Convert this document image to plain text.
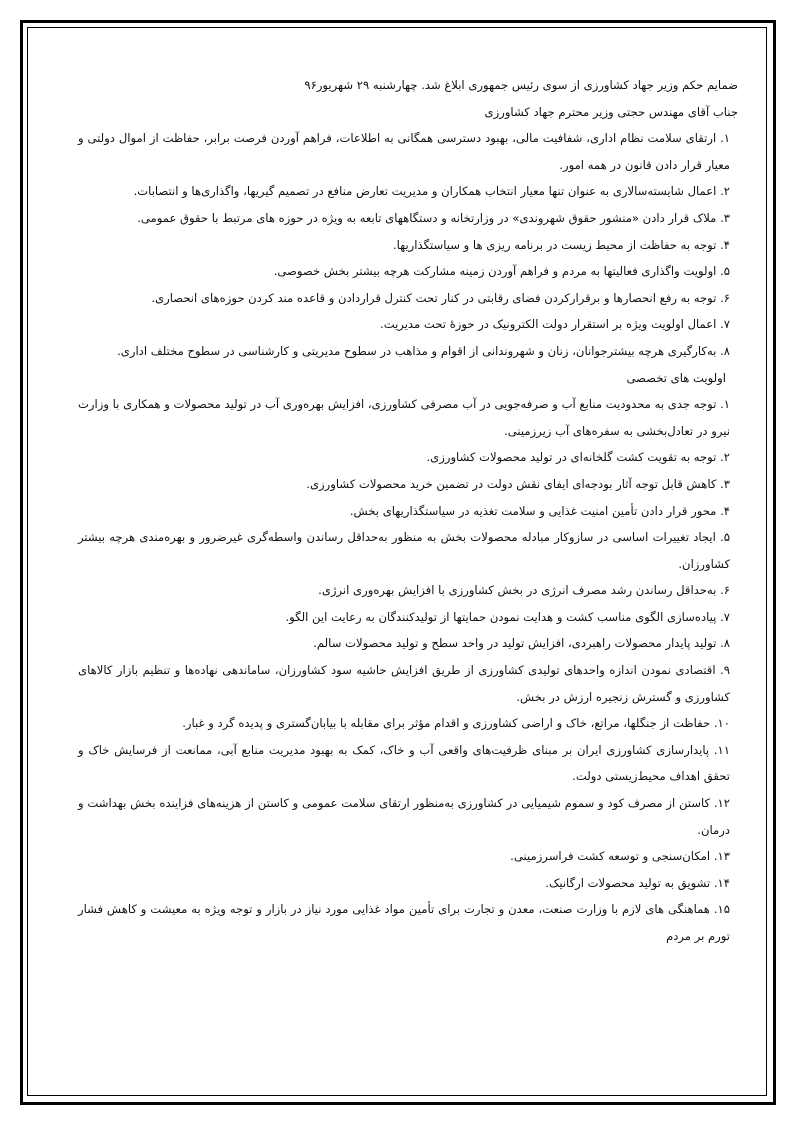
ضمایم حکم وزیر جهاد کشاورزی از سوی رئیس جمهوری ابلاغ شد. چهارشنبه ۲۹ شهریور۹۶

جناب آقای مهندس حجتی وزیر محترم جهاد کشاورزی

۱. ارتقای سلامت نظام اداری، شفافیت مالی، بهبود دسترسی همگانی به اطلاعات، فراهم آوردن فرصت برابر، حفاظت از اموال دولتی و معیار قرار دادن قانون در همه امور.

۲. اعمال شایسته‌سالاری به عنوان تنها معیار انتخاب همکاران و مدیریت تعارض منافع در تصمیم گیریها، واگذاری‌ها و انتصابات.

۳. ملاک قرار دادن «منشور حقوق شهروندی» در وزارتخانه و دستگاههای تابعه به ویژه در حوزه های مرتبط با حقوق عمومی.

۴. توجه به حفاظت از محیط زیست در برنامه ریزی ها و سیاستگذاریها.

۵. اولویت واگذاری فعالیتها به مردم و فراهم آوردن زمینه مشارکت هرچه بیشتر بخش خصوصی.

۶. توجه به رفع انحصارها و برقرارکردن فضای رقابتی در کنار تحت کنترل قراردادن و قاعده مند کردن حوزه‌های انحصاری.

۷. اعمال اولویت ویژه بر استقرار دولت الکترونیک در حوزهٔ تحت مدیریت.

۸. به‌کارگیری هرچه بیشترجوانان، زنان و شهروندانی از اقوام و مذاهب در سطوح مدیریتی و کارشناسی در سطوح مختلف اداری.

اولویت های تخصصی

۱. توجه جدی به محدودیت منابع آب و صرفه‌جویی در آب مصرفی کشاورزی، افزایش بهره‌وری آب در تولید محصولات و همکاری با وزارت نیرو در تعادل‌بخشی به سفره‌های آب زیرزمینی.

۲. توجه به تقویت کشت گلخانه‌ای در تولید محصولات کشاورزی.

۳. کاهش قابل توجه آثار بودجه‌ای ایفای نقش دولت در تضمین خرید محصولات کشاورزی.

۴. محور قرار دادن تأمین امنیت غذایی و سلامت تغذیه در سیاستگذاریهای بخش.

۵. ایجاد تغییرات اساسی در سازوکار مبادله محصولات بخش به منظور به‌حداقل رساندن واسطه‌گری غیرضرور و بهره‌مندی هرچه بیشتر کشاورزان.

۶. به‌حداقل رساندن رشد مصرف انرژی در بخش کشاورزی با افزایش بهره‌وری انرژی.

۷. پیاده‌سازی الگوی مناسب کشت و هدایت نمودن حمایتها از تولیدکنندگان به رعایت این الگو.

۸. تولید پایدار محصولات راهبردی، افزایش تولید در واحد سطح و تولید محصولات سالم.

۹. اقتصادی نمودن اندازه واحدهای تولیدی کشاورزی از طریق افزایش حاشیه سود کشاورزان، ساماندهی نهاده‌ها و تنظیم بازار کالاهای کشاورزی و گسترش زنجیره ارزش در بخش.

۱۰. حفاظت از جنگلها، مراتع، خاک و اراضی کشاورزی و اقدام مؤثر برای مقابله با بیابان‌گستری و پدیده گرد و غبار.

۱۱. پایدارسازی کشاورزی ایران بر مبنای ظرفیت‌های واقعی آب و خاک، کمک به بهبود مدیریت منابع آبی، ممانعت از فرسایش خاک و تحقق اهداف محیط‌زیستی دولت.

۱۲. کاستن از مصرف کود و سموم شیمیایی در کشاورزی به‌منظور ارتقای سلامت عمومی و کاستن از هزینه‌های فزاینده بخش بهداشت و درمان.

۱۳. امکان‌سنجی و توسعه کشت فراسرزمینی.

۱۴. تشویق به تولید محصولات ارگانیک.

۱۵. هماهنگی های لازم با وزارت صنعت، معدن و تجارت برای تأمین مواد غذایی مورد نیاز در بازار و توجه ویژه به معیشت و کاهش فشار تورم بر مردم
